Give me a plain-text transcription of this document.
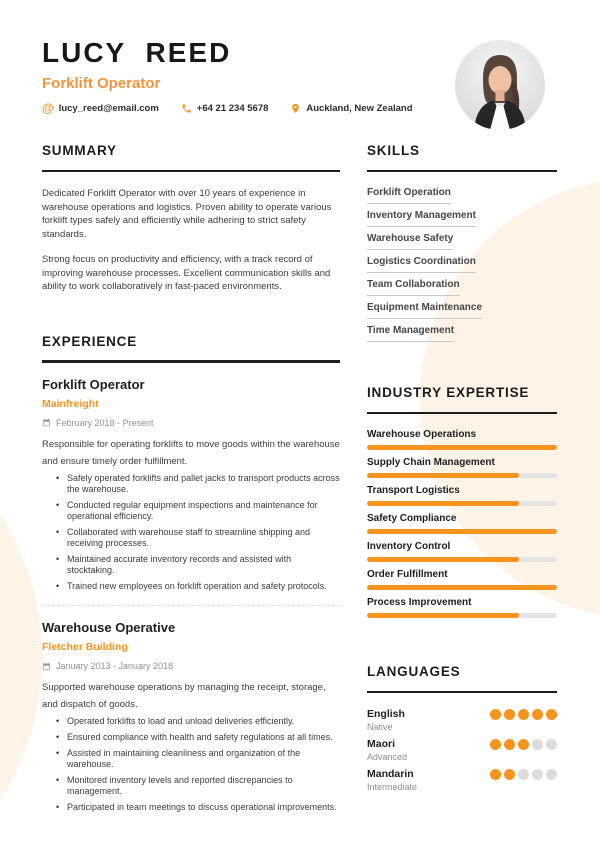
LUCY REED
Forklift Operator
@ lucy_reed@email.com	+64 21 234 5678	Auckland, New Zealand
SUMMARY

Dedicated Forklift Operator with over 10 years of experience in warehouse operations and logistics. Proven ability to operate various forklift types safely and efficiently while adhering to strict safety standards.

Strong focus on productivity and efficiency, with a track record of improving warehouse processes. Excellent communication skills and ability to work collaboratively in fast-paced environments.

EXPERIENCE
Forklift Operator
Mainfreight
February 2018 - Present

Responsible for operating forklifts to move goods within the warehouse and ensure timely order fulfillment.

• Safely operated forklifts and pallet jacks to transport products across the warehouse.
• Conducted regular equipment inspections and maintenance for operational efficiency.
• Collaborated with warehouse staff to streamline shipping and receiving processes.
• Maintained accurate inventory records and assisted with stocktaking.
• Trained new employees on forklift operation and safety protocols.
Warehouse Operative
Fletcher Building
January 2013 - January 2018

Supported warehouse operations by managing the receipt, storage, and dispatch of goods.

• Operated forklifts to load and unload deliveries efficiently.
• Ensured compliance with health and safety regulations at all times.
• Assisted in maintaining cleanliness and organization of the warehouse.
• Monitored inventory levels and reported discrepancies to management.
• Participated in team meetings to discuss operational improvements.
SKILLS
Forklift Operation
Inventory Management
Warehouse Safety
Logistics Coordination
Team Collaboration
Equipment Maintenance
Time Management
INDUSTRY EXPERTISE
Warehouse Operations
Supply Chain Management
Transport Logistics
Safety Compliance
Inventory Control
Order Fulfillment
Process Improvement
LANGUAGES
English
Native
Maori
Advanced
Mandarin
Intermediate
